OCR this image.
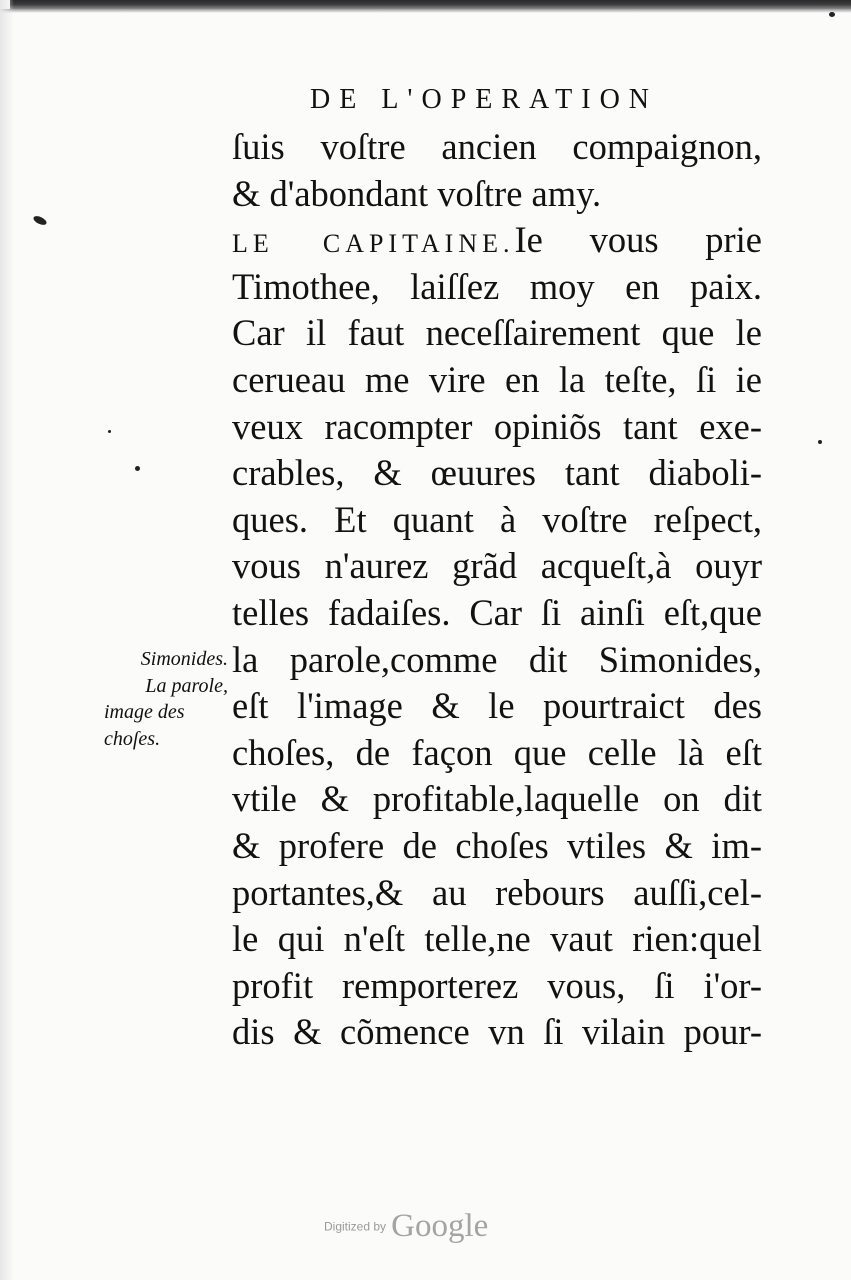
DE L'OPERATION
ſuis voſtre ancien compaignon,
& d'abondant voſtre amy.
LE CAPITAINE.Ie vous prie
Timothee, laiſſez moy en paix.
Car il faut neceſſairement que le
cerueau me vire en la teſte, ſi ie
veux racompter opiniõs tant exe-
crables, & œuures tant diaboli-
ques. Et quant à voſtre reſpect,
vous n'aurez grãd acqueſt,à ouyr
telles fadaiſes. Car ſi ainſi eſt,que
la parole,comme dit Simonides,
eſt l'image & le pourtraict des
choſes, de façon que celle là eſt
vtile & profitable,laquelle on dit
& profere de choſes vtiles & im-
portantes,& au rebours auſſi,cel-
le qui n'eſt telle,ne vaut rien:quel
profit remporterez vous, ſi i'or-
dis & cõmence vn ſi vilain pour-
Simonides.
La parole,
image des
choſes.
Digitized by Google
